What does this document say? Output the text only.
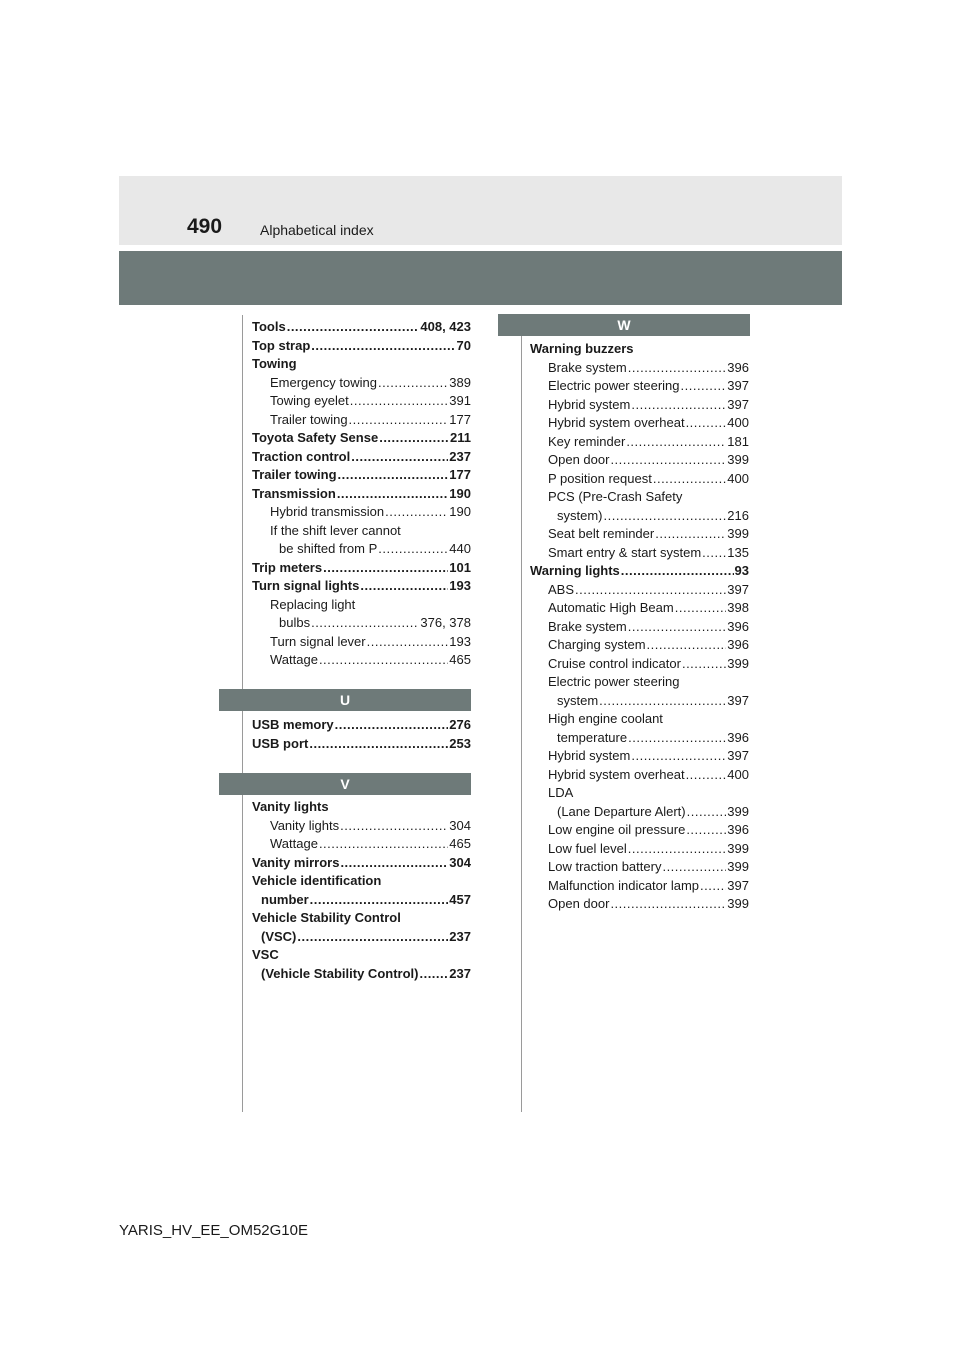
490	Alphabetical index
Tools .....	408, 423
Top strap .....	70
Towing
Emergency towing .....	389
Towing eyelet .....	391
Trailer towing .....	177
Toyota Safety Sense .....	211
Traction control .....	237
Trailer towing .....	177
Transmission .....	190
Hybrid transmission .....	190
If the shift lever cannot
be shifted from P .....	440
Trip meters .....	101
Turn signal lights .....	193
Replacing light
bulbs .....	376, 378
Turn signal lever .....	193
Wattage .....	465
U
USB memory .....	276
USB port .....	253
V
Vanity lights
Vanity lights .....	304
Wattage .....	465
Vanity mirrors .....	304
Vehicle identification
number .....	457
Vehicle Stability Control
(VSC) .....	237
VSC
(Vehicle Stability Control) ..... 237
W
Warning buzzers
Brake system .....	396
Electric power steering .....	397
Hybrid system .....	397
Hybrid system overheat .....	400
Key reminder .....	181
Open door .....	399
P position request .....	400
PCS (Pre-Crash Safety
system) .....	216
Seat belt reminder .....	399
Smart entry & start system ..... 135
Warning lights .....	93
ABS .....	397
Automatic High Beam .....	398
Brake system .....	396
Charging system .....	396
Cruise control indicator .....	399
Electric power steering
system .....	397
High engine coolant
temperature .....	396
Hybrid system .....	397
Hybrid system overheat .....	400
LDA
(Lane Departure Alert) .....	399
Low engine oil pressure .....	396
Low fuel level .....	399
Low traction battery .....	399
Malfunction indicator lamp ..... 397
Open door .....	399
YARIS_HV_EE_OM52G10E
